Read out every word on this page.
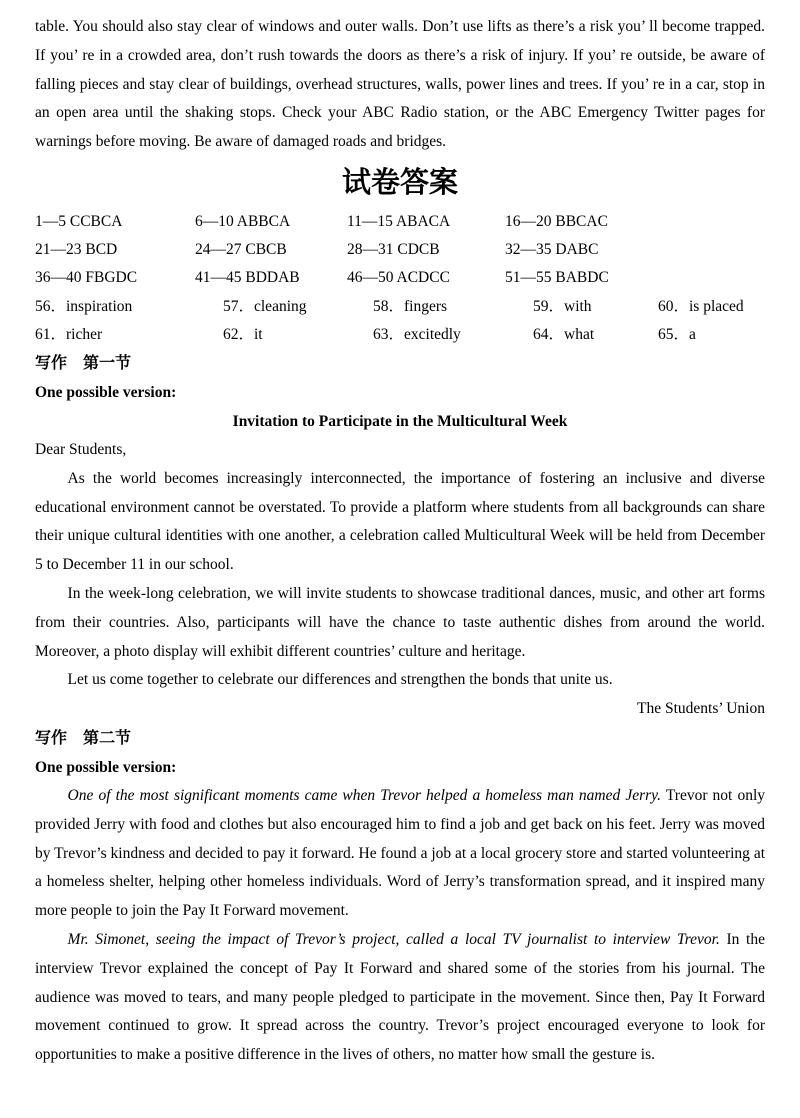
table. You should also stay clear of windows and outer walls. Don’t use lifts as there’s a risk you’ ll become trapped. If you’ re in a crowded area, don’t rush towards the doors as there’s a risk of injury. If you’ re outside, be aware of falling pieces and stay clear of buildings, overhead structures, walls, power lines and trees. If you’ re in a car, stop in an open area until the shaking stops. Check your ABC Radio station, or the ABC Emergency Twitter pages for warnings before moving. Be aware of damaged roads and bridges.

试卷答案
1—5 CCBCA	6—10 ABBCA	11—15 ABACA	16—20 BBCAC
21—23 BCD	24—27 CBCB	28—31 CDCB	32—35 DABC
36—40 FBGDC	41—45 BDDAB	46—50 ACDCC	51—55 BABDC
56．inspiration	57．cleaning	58．fingers	59．with	60．is placed
61．richer	62．it	63．excitedly	64．what	65．a
写作　第一节

One possible version:

Invitation to Participate in the Multicultural Week

Dear Students,

As the world becomes increasingly interconnected, the importance of fostering an inclusive and diverse educational environment cannot be overstated. To provide a platform where students from all backgrounds can share their unique cultural identities with one another, a celebration called Multicultural Week will be held from December 5 to December 11 in our school.

In the week-long celebration, we will invite students to showcase traditional dances, music, and other art forms from their countries. Also, participants will have the chance to taste authentic dishes from around the world. Moreover, a photo display will exhibit different countries’ culture and heritage.

Let us come together to celebrate our differences and strengthen the bonds that unite us.

The Students’ Union

写作　第二节

One possible version:

One of the most significant moments came when Trevor helped a homeless man named Jerry. Trevor not only provided Jerry with food and clothes but also encouraged him to find a job and get back on his feet. Jerry was moved by Trevor’s kindness and decided to pay it forward. He found a job at a local grocery store and started volunteering at a homeless shelter, helping other homeless individuals. Word of Jerry’s transformation spread, and it inspired many more people to join the Pay It Forward movement.

Mr. Simonet, seeing the impact of Trevor’s project, called a local TV journalist to interview Trevor. In the interview Trevor explained the concept of Pay It Forward and shared some of the stories from his journal. The audience was moved to tears, and many people pledged to participate in the movement. Since then, Pay It Forward movement continued to grow. It spread across the country. Trevor’s project encouraged everyone to look for opportunities to make a positive difference in the lives of others, no matter how small the gesture is.
